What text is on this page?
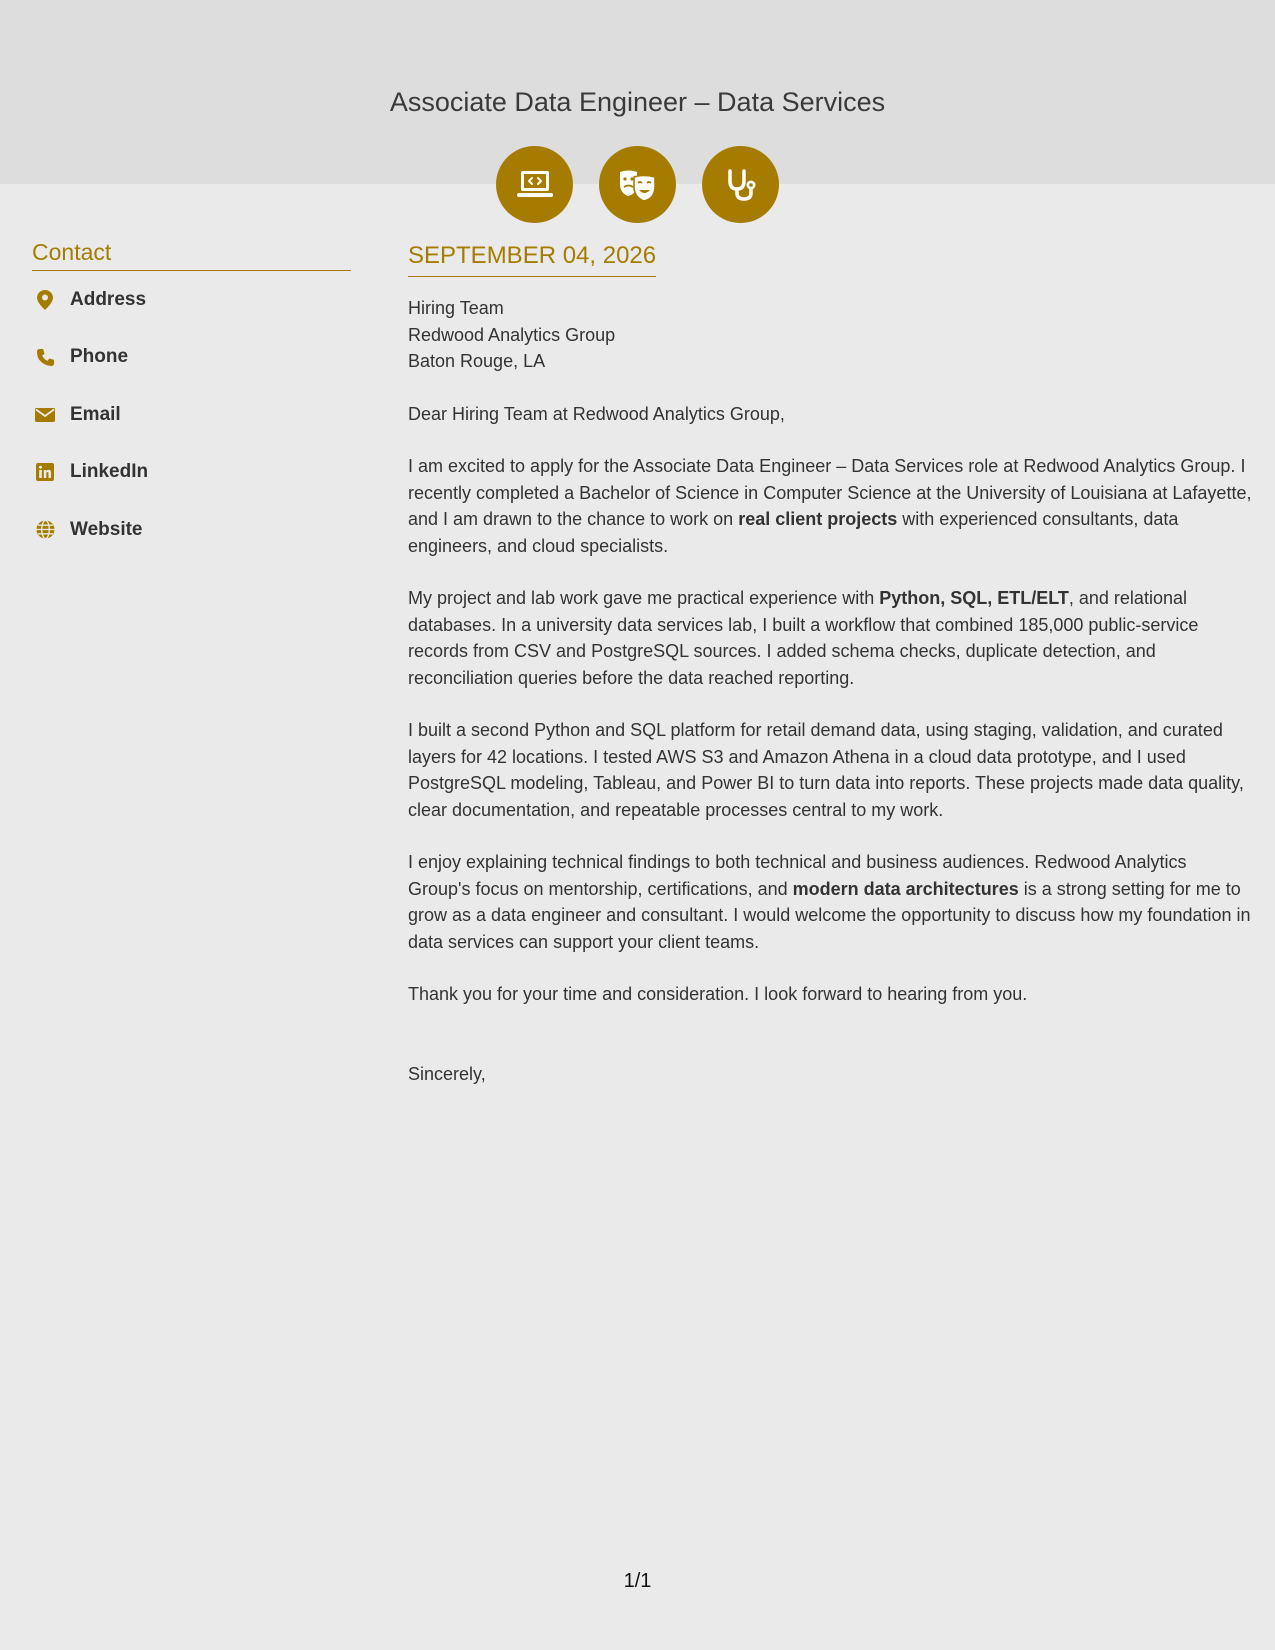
Associate Data Engineer – Data Services
Contact
Address
Phone
Email
LinkedIn
Website
SEPTEMBER 04, 2026
Hiring Team
Redwood Analytics Group
Baton Rouge, LA
Dear Hiring Team at Redwood Analytics Group,
I am excited to apply for the Associate Data Engineer – Data Services role at Redwood Analytics Group. I recently completed a Bachelor of Science in Computer Science at the University of Louisiana at Lafayette, and I am drawn to the chance to work on real client projects with experienced consultants, data engineers, and cloud specialists.
My project and lab work gave me practical experience with Python, SQL, ETL/ELT, and relational databases. In a university data services lab, I built a workflow that combined 185,000 public-service records from CSV and PostgreSQL sources. I added schema checks, duplicate detection, and reconciliation queries before the data reached reporting.
I built a second Python and SQL platform for retail demand data, using staging, validation, and curated layers for 42 locations. I tested AWS S3 and Amazon Athena in a cloud data prototype, and I used PostgreSQL modeling, Tableau, and Power BI to turn data into reports. These projects made data quality, clear documentation, and repeatable processes central to my work.
I enjoy explaining technical findings to both technical and business audiences. Redwood Analytics Group's focus on mentorship, certifications, and modern data architectures is a strong setting for me to grow as a data engineer and consultant. I would welcome the opportunity to discuss how my foundation in data services can support your client teams.
Thank you for your time and consideration. I look forward to hearing from you.
Sincerely,
1/1
